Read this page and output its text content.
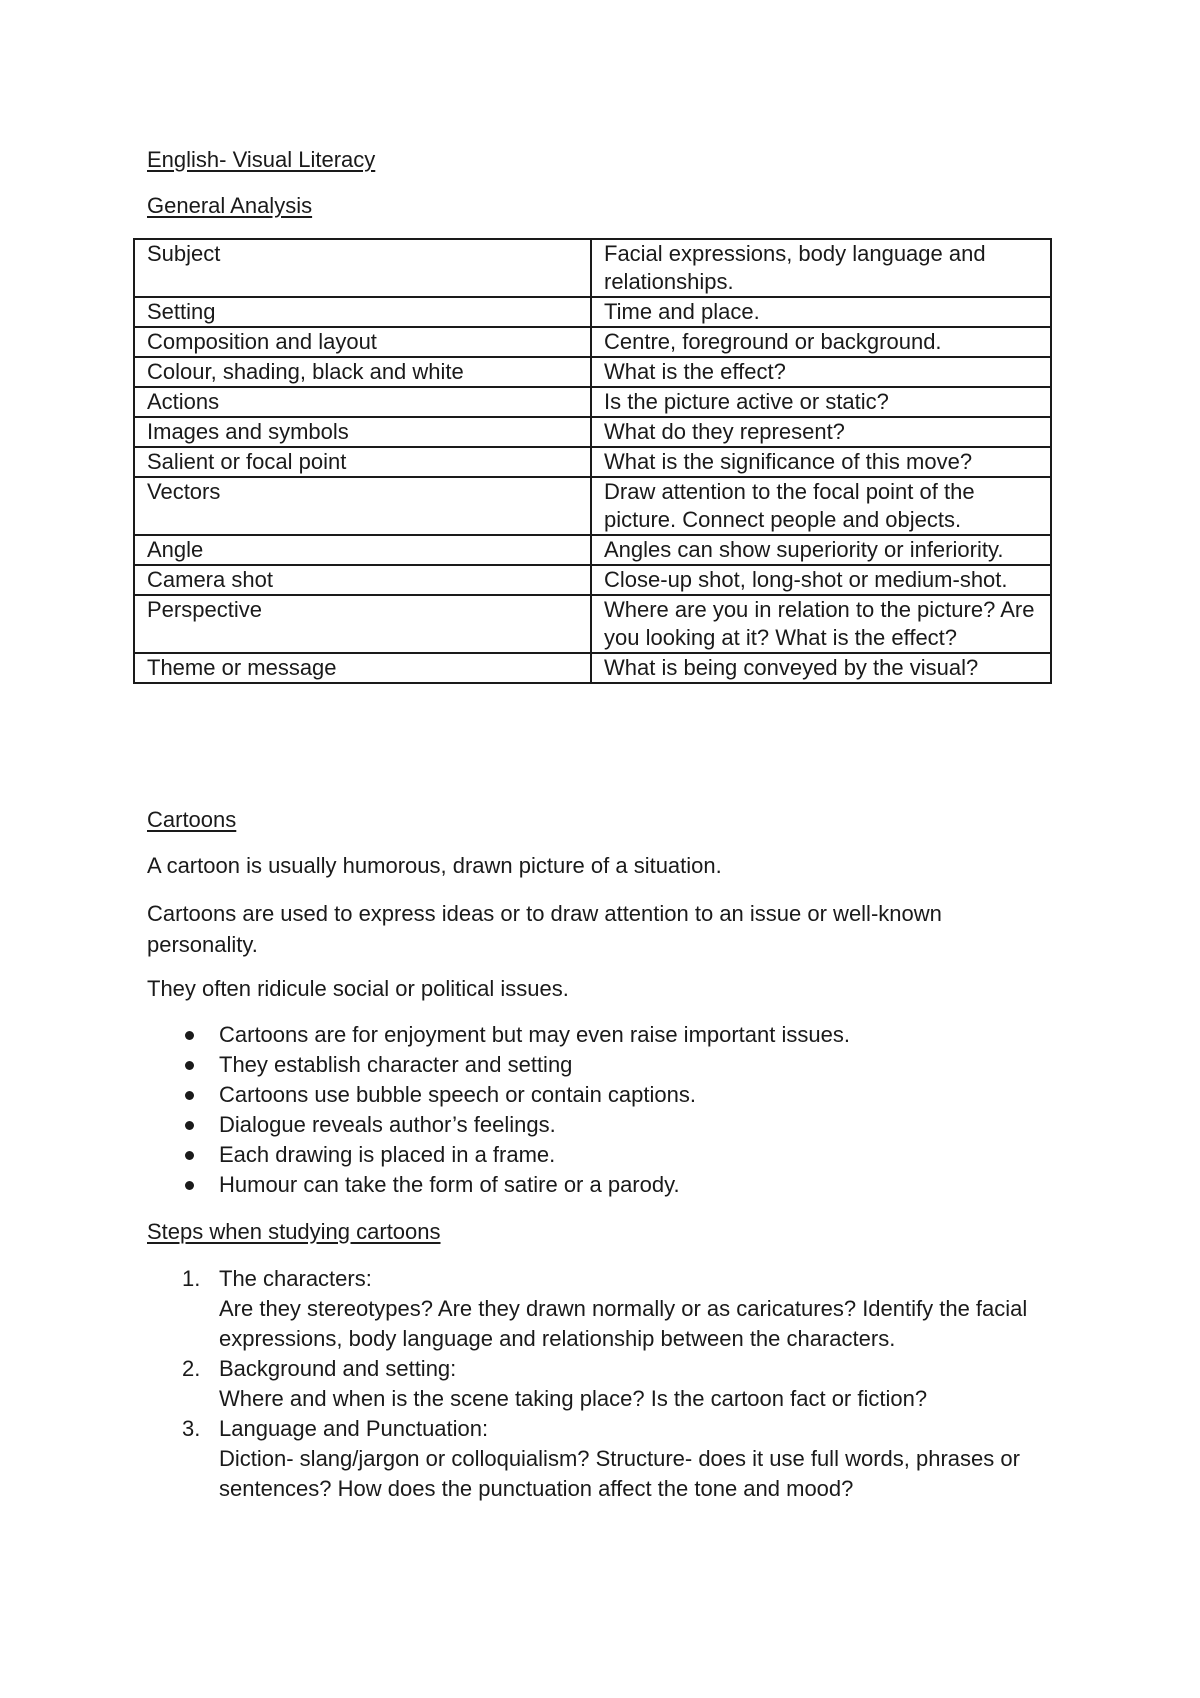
English- Visual Literacy
General Analysis
Subject	Facial expressions, body language and relationships.
Setting	Time and place.
Composition and layout	Centre, foreground or background.
Colour, shading, black and white	What is the effect?
Actions	Is the picture active or static?
Images and symbols	What do they represent?
Salient or focal point	What is the significance of this move?
Vectors	Draw attention to the focal point of the picture. Connect people and objects.
Angle	Angles can show superiority or inferiority.
Camera shot	Close-up shot, long-shot or medium-shot.
Perspective	Where are you in relation to the picture? Are you looking at it? What is the effect?
Theme or message	What is being conveyed by the visual?
Cartoons
A cartoon is usually humorous, drawn picture of a situation.
Cartoons are used to express ideas or to draw attention to an issue or well-known personality.
They often ridicule social or political issues.
Cartoons are for enjoyment but may even raise important issues.
They establish character and setting
Cartoons use bubble speech or contain captions.
Dialogue reveals author’s feelings.
Each drawing is placed in a frame.
Humour can take the form of satire or a parody.
Steps when studying cartoons
1. The characters:
Are they stereotypes? Are they drawn normally or as caricatures? Identify the facial expressions, body language and relationship between the characters.
2. Background and setting:
Where and when is the scene taking place? Is the cartoon fact or fiction?
3. Language and Punctuation:
Diction- slang/jargon or colloquialism? Structure- does it use full words, phrases or sentences? How does the punctuation affect the tone and mood?
